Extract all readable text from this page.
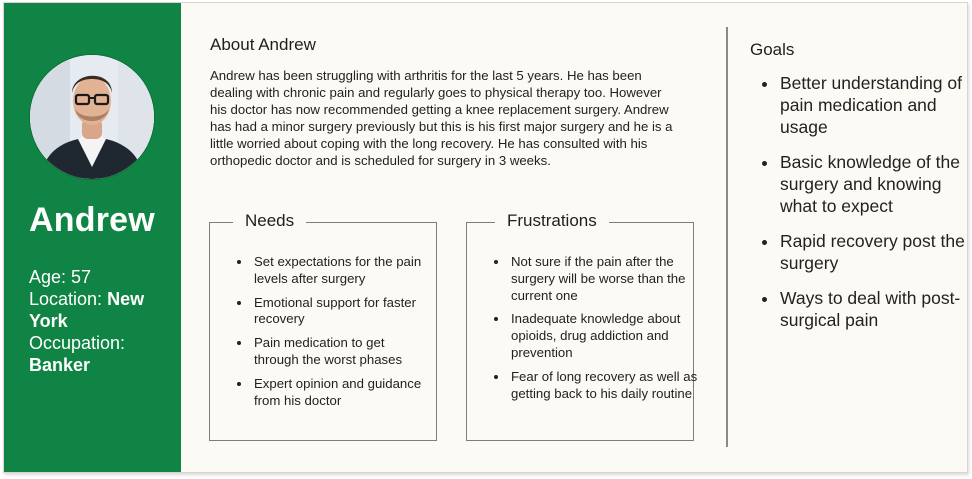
Andrew
Age: 57
Location: New York
Occupation:
Banker
About Andrew
Andrew has been struggling with arthritis for the last 5 years. He has been dealing with chronic pain and regularly goes to physical therapy too. However his doctor has now recommended getting a knee replacement surgery. Andrew has had a minor surgery previously but this is his first major surgery and he is a little worried about coping with the long recovery. He has consulted with his orthopedic doctor and is scheduled for surgery in 3 weeks.
Needs
• Set expectations for the pain levels after surgery
• Emotional support for faster recovery
• Pain medication to get through the worst phases
• Expert opinion and guidance from his doctor
Frustrations
• Not sure if the pain after the surgery will be worse than the current one
• Inadequate knowledge about opioids, drug addiction and prevention
• Fear of long recovery as well as getting back to his daily routine
Goals
• Better understanding of pain medication and usage
• Basic knowledge of the surgery and knowing what to expect
• Rapid recovery post the surgery
• Ways to deal with post-surgical pain
